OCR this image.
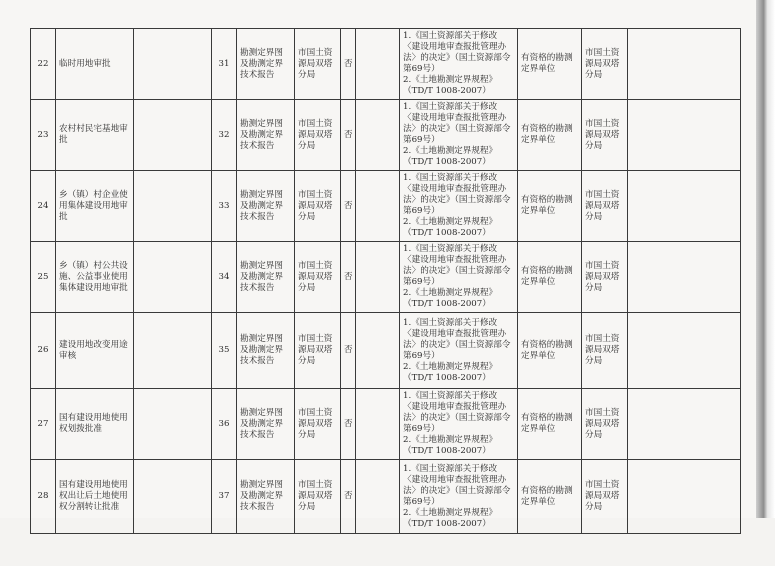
22	临时用地审批		31	勘测定界图及勘测定界技术报告	市国土资源局双塔分局	否		1.《国土资源部关于修改〈建设用地审查报批管理办法〉的决定》（国土资源部令第69号）
2.《土地勘测定界规程》（TD/T 1008-2007）	有资格的勘测定界单位	市国土资源局双塔分局	
23	农村村民宅基地审批		32	勘测定界图及勘测定界技术报告	市国土资源局双塔分局	否		1.《国土资源部关于修改〈建设用地审查报批管理办法〉的决定》（国土资源部令第69号）
2.《土地勘测定界规程》（TD/T 1008-2007）	有资格的勘测定界单位	市国土资源局双塔分局	
24	乡（镇）村企业使用集体建设用地审批		33	勘测定界图及勘测定界技术报告	市国土资源局双塔分局	否		1.《国土资源部关于修改〈建设用地审查报批管理办法〉的决定》（国土资源部令第69号）
2.《土地勘测定界规程》（TD/T 1008-2007）	有资格的勘测定界单位	市国土资源局双塔分局	
25	乡（镇）村公共设施、公益事业使用集体建设用地审批		34	勘测定界图及勘测定界技术报告	市国土资源局双塔分局	否		1.《国土资源部关于修改〈建设用地审查报批管理办法〉的决定》（国土资源部令第69号）
2.《土地勘测定界规程》（TD/T 1008-2007）	有资格的勘测定界单位	市国土资源局双塔分局	
26	建设用地改变用途审核		35	勘测定界图及勘测定界技术报告	市国土资源局双塔分局	否		1.《国土资源部关于修改〈建设用地审查报批管理办法〉的决定》（国土资源部令第69号）
2.《土地勘测定界规程》（TD/T 1008-2007）	有资格的勘测定界单位	市国土资源局双塔分局	
27	国有建设用地使用权划拨批准		36	勘测定界图及勘测定界技术报告	市国土资源局双塔分局	否		1.《国土资源部关于修改〈建设用地审查报批管理办法〉的决定》（国土资源部令第69号）
2.《土地勘测定界规程》（TD/T 1008-2007）	有资格的勘测定界单位	市国土资源局双塔分局	
28	国有建设用地使用权出让后土地使用权分割转让批准		37	勘测定界图及勘测定界技术报告	市国土资源局双塔分局	否		1.《国土资源部关于修改〈建设用地审查报批管理办法〉的决定》（国土资源部令第69号）
2.《土地勘测定界规程》（TD/T 1008-2007）	有资格的勘测定界单位	市国土资源局双塔分局	
